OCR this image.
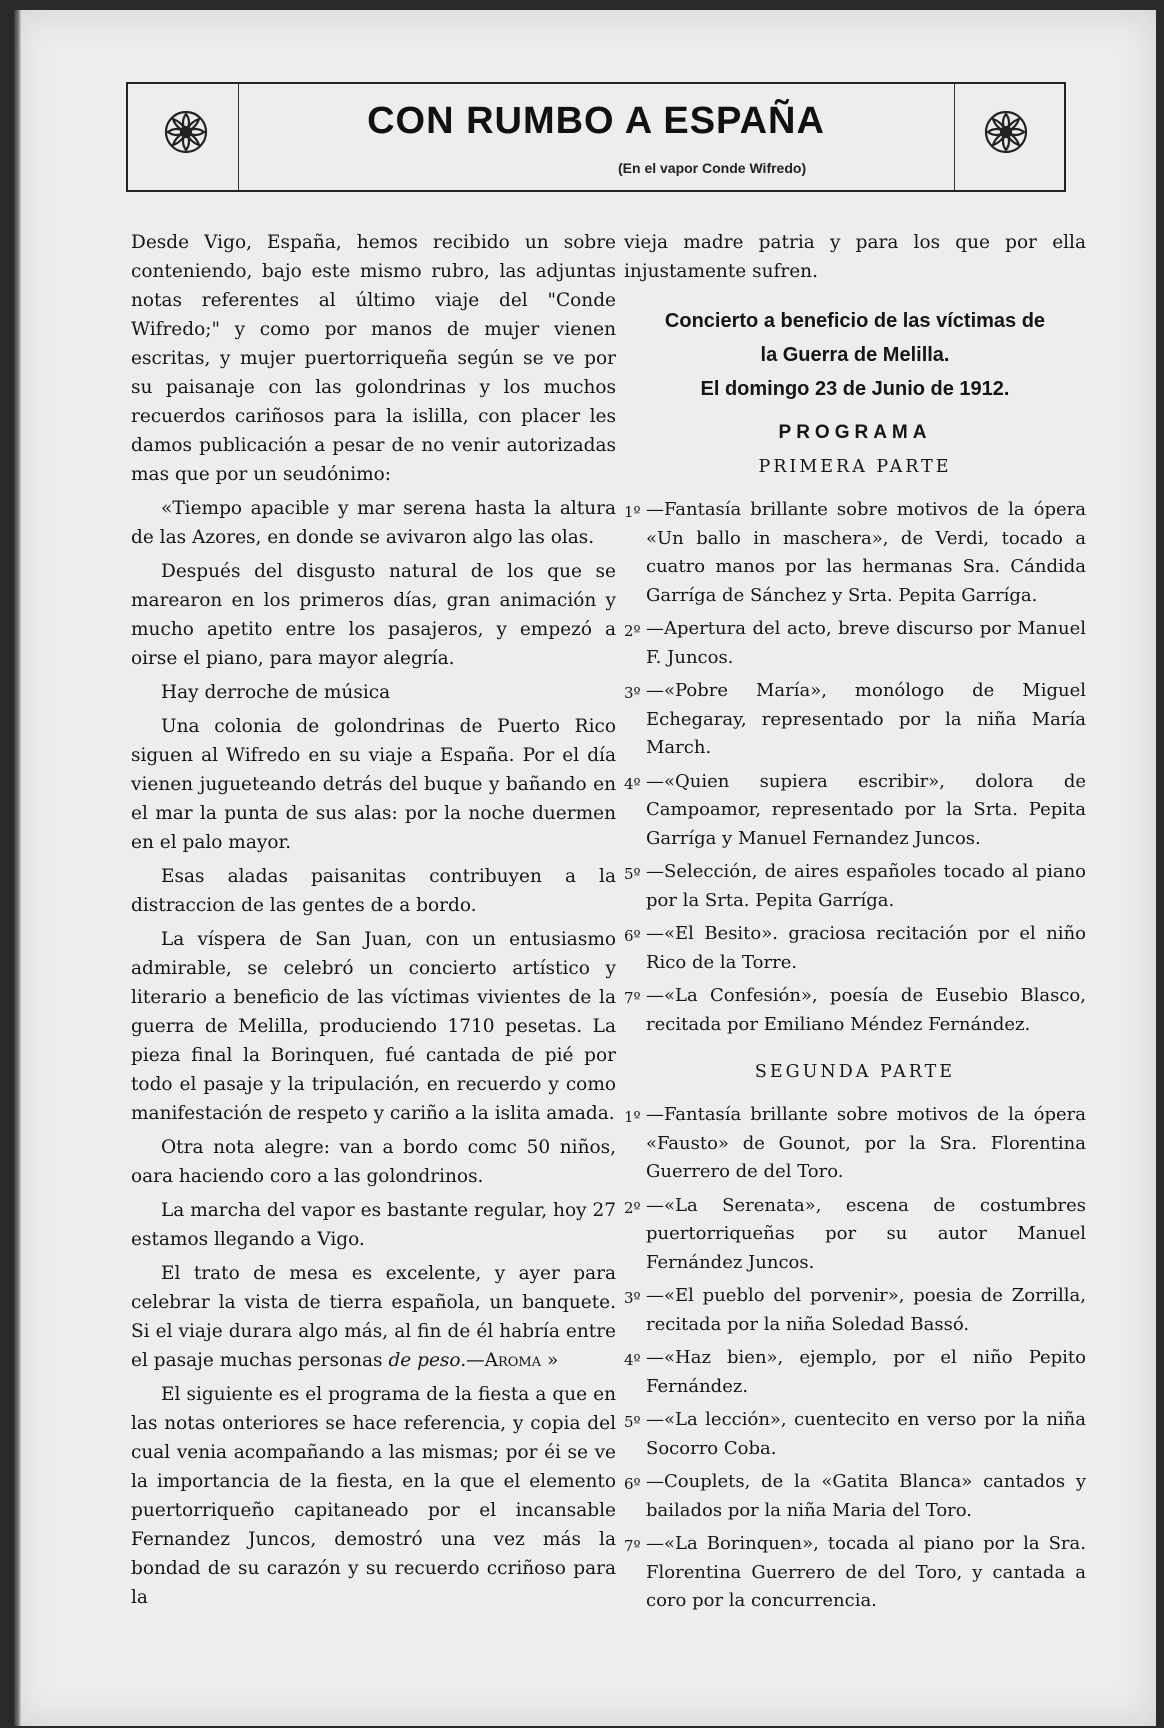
CON RUMBO A ESPAÑA
(En el vapor Conde Wifredo)

Desde Vigo, España, hemos recibido un sobre conteniendo, bajo este mismo rubro, las adjuntas notas referentes al último viaje del "Conde Wifredo;" y como por manos de mujer vienen escritas, y mujer puertorriqueña según se ve por su paisanaje con las golondrinas y los muchos recuerdos cariñosos para la islilla, con placer les damos publicación a pesar de no venir autorizadas mas que por un seudónimo:

«Tiempo apacible y mar serena hasta la altura de las Azores, en donde se avivaron algo las olas.

Después del disgusto natural de los que se marearon en los primeros días, gran animación y mucho apetito entre los pasajeros, y empezó a oirse el piano, para mayor alegría.

Hay derroche de música

Una colonia de golondrinas de Puerto Rico siguen al Wifredo en su viaje a España. Por el día vienen jugueteando detrás del buque y bañando en el mar la punta de sus alas: por la noche duermen en el palo mayor.

Esas aladas paisanitas contribuyen a la distraccion de las gentes de a bordo.

La víspera de San Juan, con un entusiasmo admirable, se celebró un concierto artístico y literario a beneficio de las víctimas vivientes de la guerra de Melilla, produciendo 1710 pesetas. La pieza final la Borinquen, fué cantada de pié por todo el pasaje y la tripulación, en recuerdo y como manifestación de respeto y cariño a la islita amada.

Otra nota alegre: van a bordo comc 50 niños, oara haciendo coro a las golondrinos.

La marcha del vapor es bastante regular, hoy 27 estamos llegando a Vigo.

El trato de mesa es excelente, y ayer para celebrar la vista de tierra española, un banquete. Si el viaje durara algo más, al fin de él habría entre el pasaje muchas personas de peso.—Aroma »

El siguiente es el programa de la fiesta a que en las notas onteriores se hace referencia, y copia del cual venia acompañando a las mismas; por éi se ve la importancia de la fiesta, en la que el elemento puertorriqueño capitaneado por el incansable Fernandez Juncos, demostró una vez más la bondad de su carazón y su recuerdo ccriñoso para la

vieja madre patria y para los que por ella injustamente sufren.

Concierto a beneficio de las víctimas de
la Guerra de Melilla.
El domingo 23 de Junio de 1912.
PROGRAMA
PRIMERA PARTE
1º —Fantasía brillante sobre motivos de la ópera «Un ballo in maschera», de Verdi, tocado a cuatro manos por las hermanas Sra. Cándida Garríga de Sánchez y Srta. Pepita Garríga.
2º —Apertura del acto, breve discurso por Manuel F. Juncos.
3º —«Pobre María», monólogo de Miguel Echegaray, representado por la niña María March.
4º —«Quien supiera escribir», dolora de Campoamor, representado por la Srta. Pepita Garríga y Manuel Fernandez Juncos.
5º —Selección, de aires españoles tocado al piano por la Srta. Pepita Garríga.
6º —«El Besito». graciosa recitación por el niño Rico de la Torre.
7º —«La Confesión», poesía de Eusebio Blasco, recitada por Emiliano Méndez Fernández.
SEGUNDA PARTE
1º —Fantasía brillante sobre motivos de la ópera «Fausto» de Gounot, por la Sra. Florentina Guerrero de del Toro.
2º —«La Serenata», escena de costumbres puertorriqueñas por su autor Manuel Fernández Juncos.
3º —«El pueblo del porvenir», poesia de Zorrilla, recitada por la niña Soledad Bassó.
4º —«Haz bien», ejemplo, por el niño Pepito Fernández.
5º —«La lección», cuentecito en verso por la niña Socorro Coba.
6º —Couplets, de la «Gatita Blanca» cantados y bailados por la niña Maria del Toro.
7º —«La Borinquen», tocada al piano por la Sra. Florentina Guerrero de del Toro, y cantada a coro por la concurrencia.
